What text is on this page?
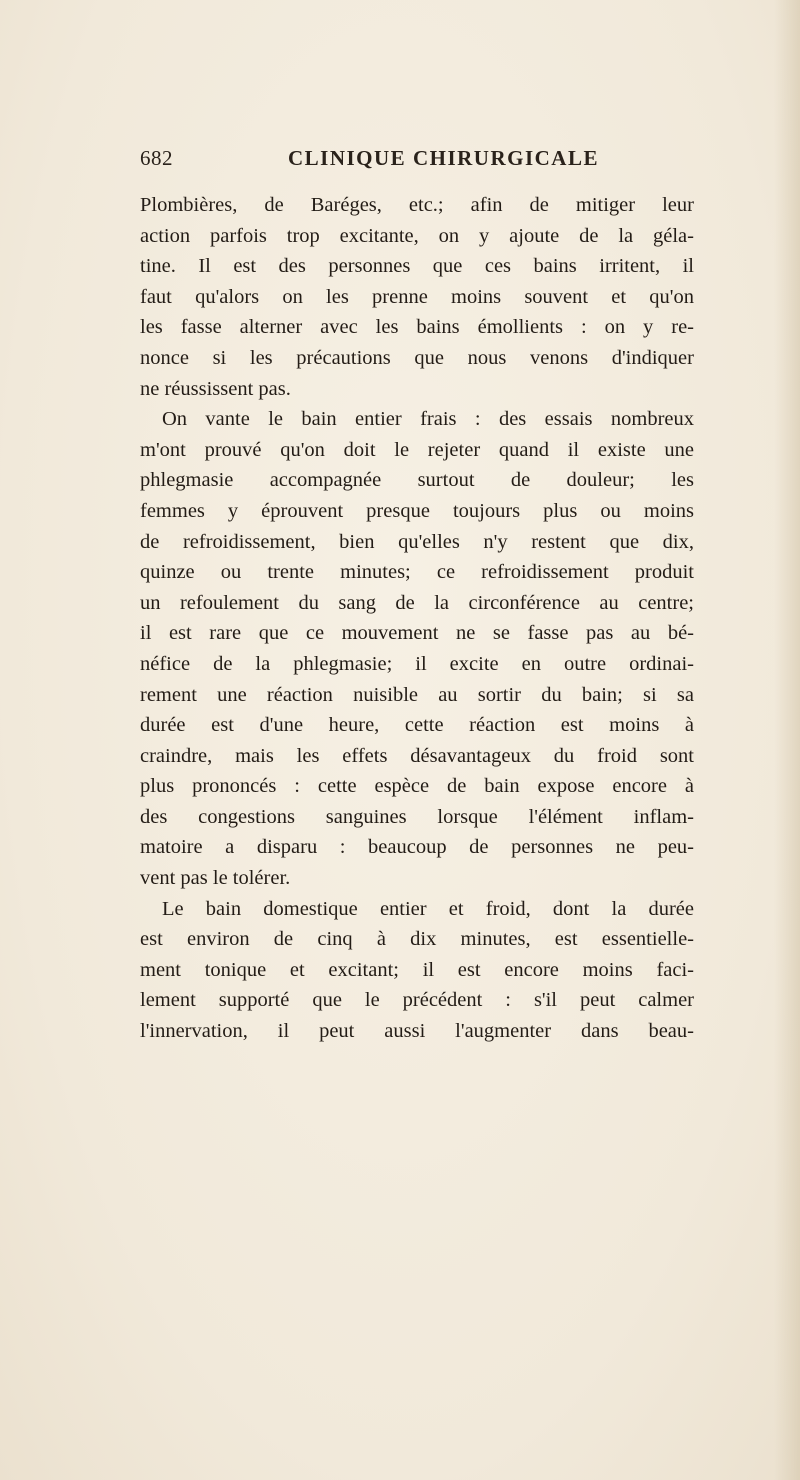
682	CLINIQUE CHIRURGICALE
Plombières, de Baréges, etc.; afin de mitiger leur
action parfois trop excitante, on y ajoute de la géla-
tine. Il est des personnes que ces bains irritent, il
faut qu'alors on les prenne moins souvent et qu'on
les fasse alterner avec les bains émollients : on y re-
nonce si les précautions que nous venons d'indiquer
ne réussissent pas.
On vante le bain entier frais : des essais nombreux
m'ont prouvé qu'on doit le rejeter quand il existe une
phlegmasie accompagnée surtout de douleur; les
femmes y éprouvent presque toujours plus ou moins
de refroidissement, bien qu'elles n'y restent que dix,
quinze ou trente minutes; ce refroidissement produit
un refoulement du sang de la circonférence au centre;
il est rare que ce mouvement ne se fasse pas au bé-
néfice de la phlegmasie; il excite en outre ordinai-
rement une réaction nuisible au sortir du bain; si sa
durée est d'une heure, cette réaction est moins à
craindre, mais les effets désavantageux du froid sont
plus prononcés : cette espèce de bain expose encore à
des congestions sanguines lorsque l'élément inflam-
matoire a disparu : beaucoup de personnes ne peu-
vent pas le tolérer.
Le bain domestique entier et froid, dont la durée
est environ de cinq à dix minutes, est essentielle-
ment tonique et excitant; il est encore moins faci-
lement supporté que le précédent : s'il peut calmer
l'innervation, il peut aussi l'augmenter dans beau-
